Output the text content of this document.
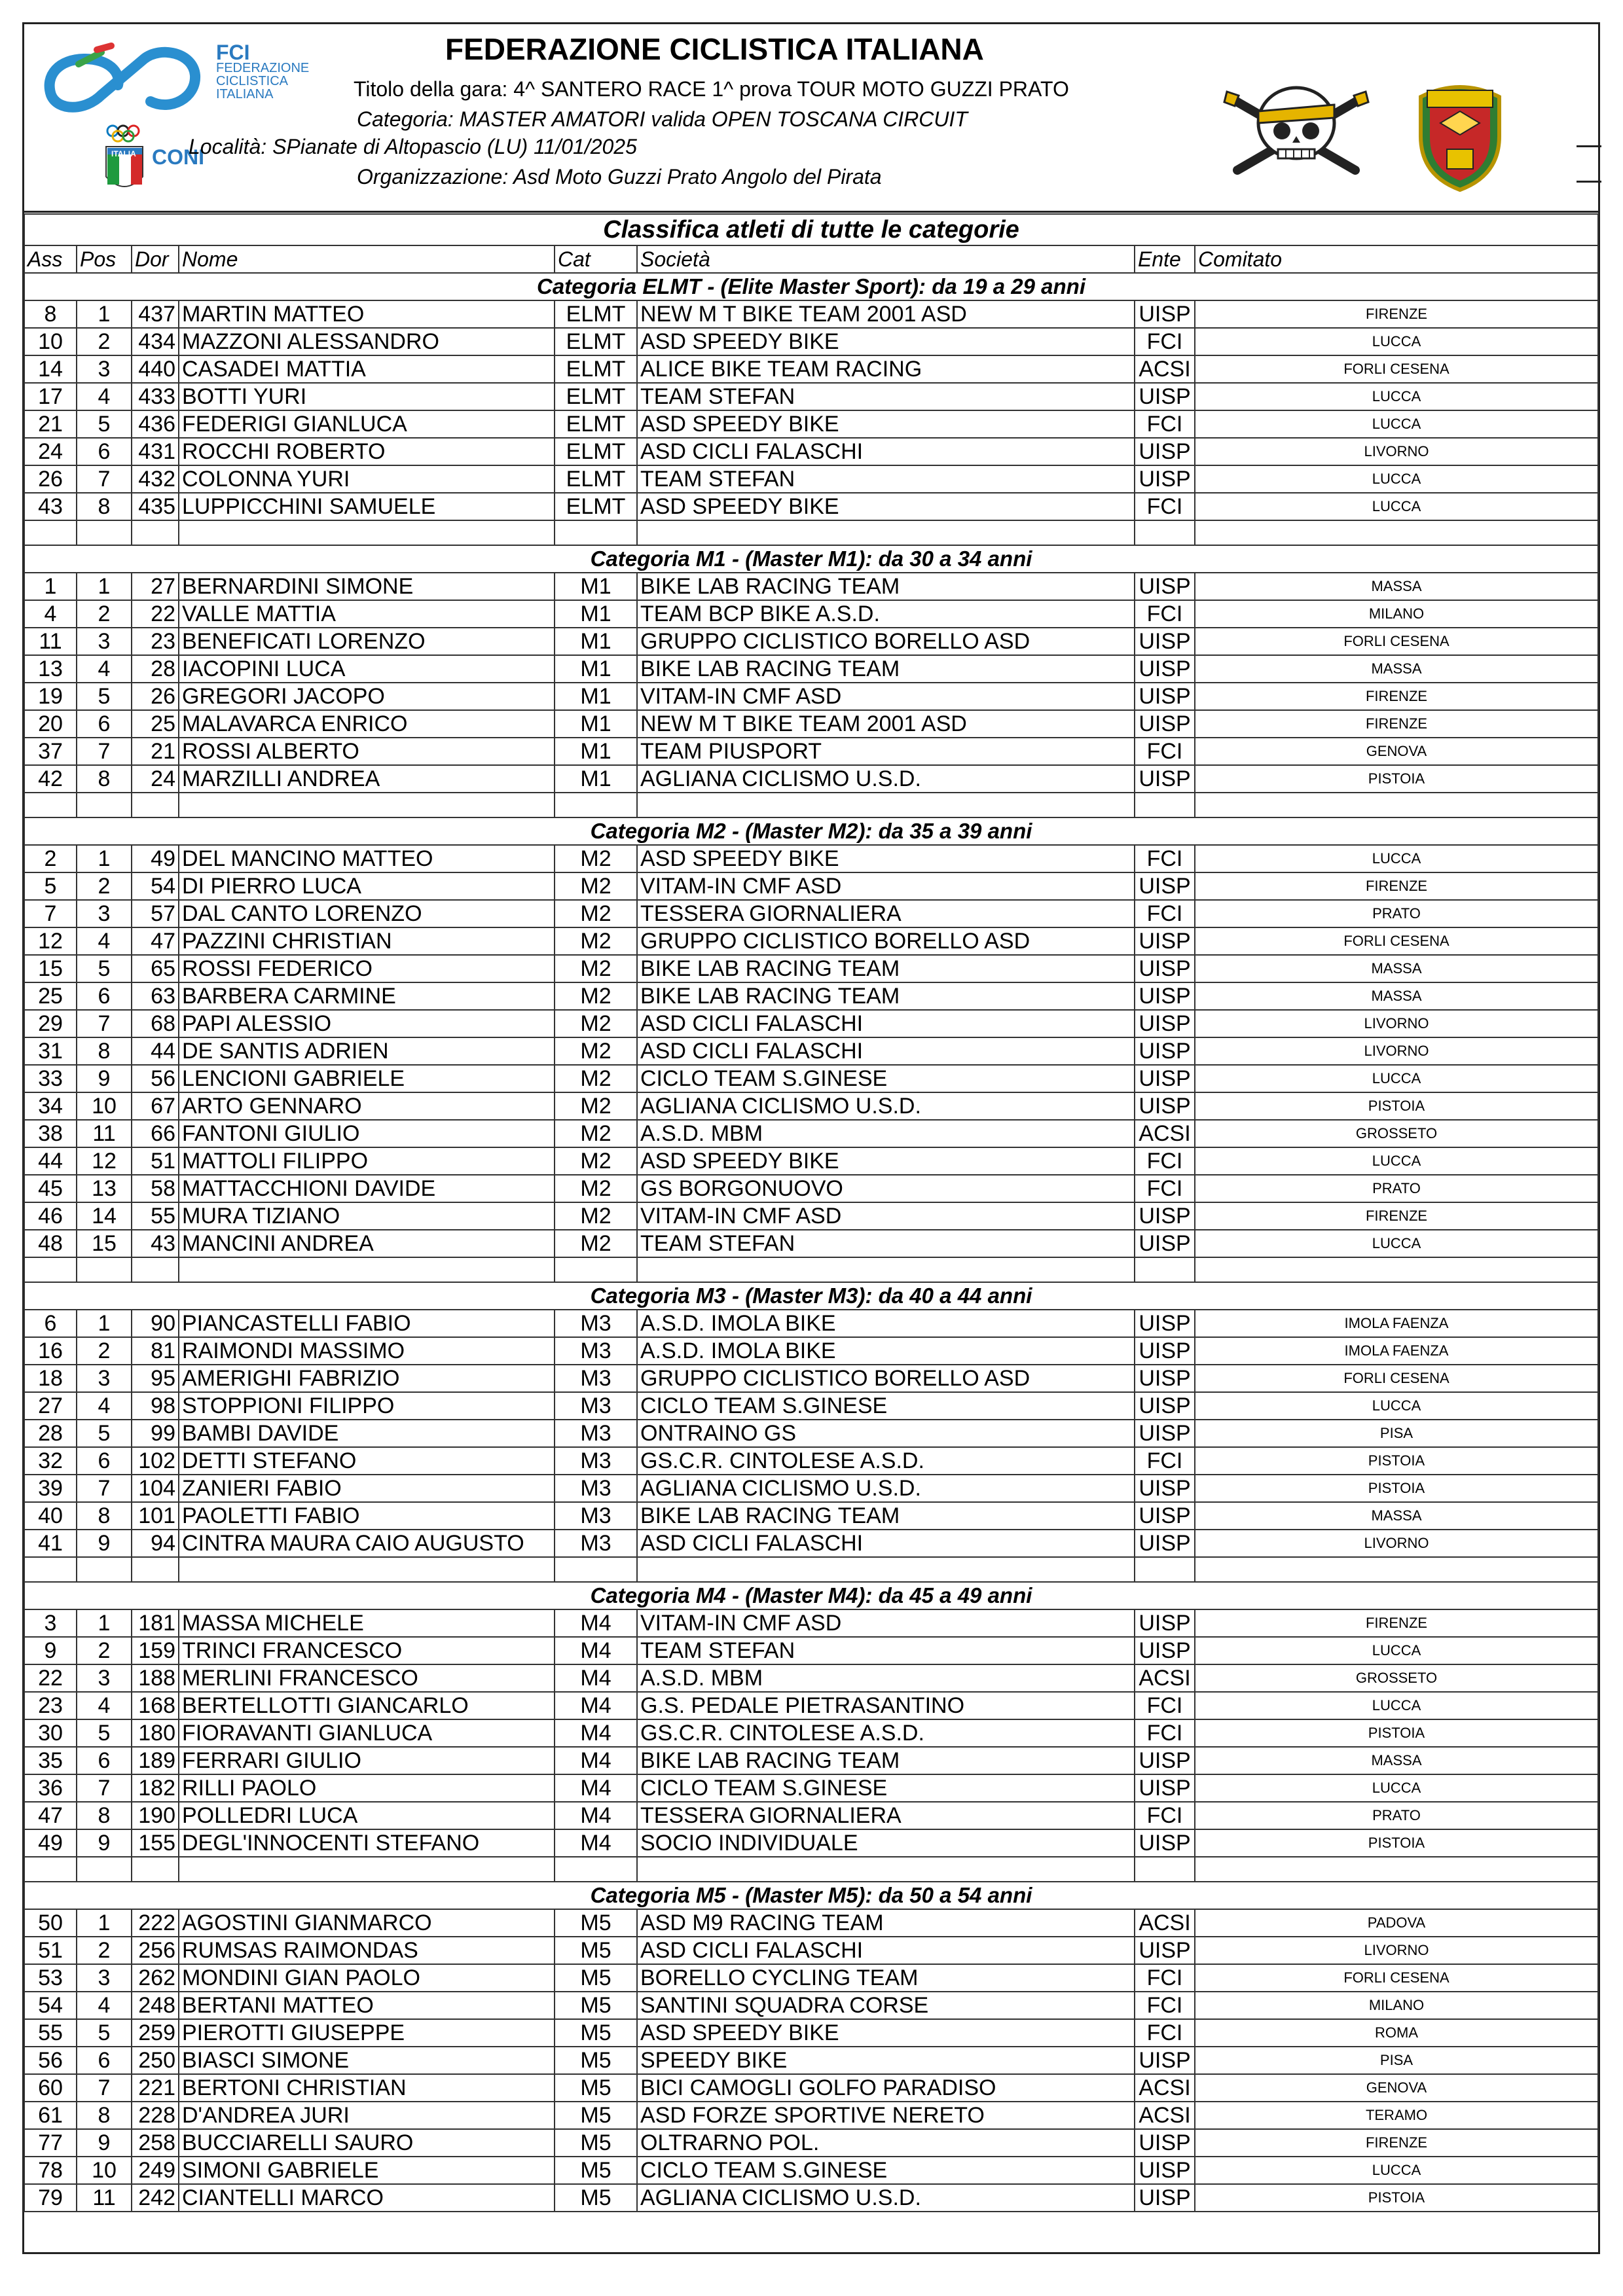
FCI
FEDERAZIONE
CICLISTICA
ITALIANA
ITALIA CONI
FEDERAZIONE CICLISTICA ITALIANA
Titolo della gara: 4^ SANTERO RACE 1^ prova TOUR MOTO GUZZI PRATO
Categoria: MASTER AMATORI valida OPEN TOSCANA CIRCUIT
Località: SPianate di Altopascio (LU) 11/01/2025
Organizzazione: Asd Moto Guzzi Prato Angolo del Pirata
Classifica atleti di tutte le categorie							
Ass	Pos	Dor	Nome	Cat	Società	Ente	Comitato
Categoria ELMT - (Elite Master Sport): da 19 a 29 anni							
8	1	437	MARTIN MATTEO	ELMT	NEW M T BIKE TEAM 2001 ASD	UISP	FIRENZE
10	2	434	MAZZONI ALESSANDRO	ELMT	ASD SPEEDY BIKE	FCI	LUCCA
14	3	440	CASADEI MATTIA	ELMT	ALICE BIKE TEAM RACING	ACSI	FORLI CESENA
17	4	433	BOTTI YURI	ELMT	TEAM STEFAN	UISP	LUCCA
21	5	436	FEDERIGI GIANLUCA	ELMT	ASD SPEEDY BIKE	FCI	LUCCA
24	6	431	ROCCHI ROBERTO	ELMT	ASD CICLI FALASCHI	UISP	LIVORNO
26	7	432	COLONNA YURI	ELMT	TEAM STEFAN	UISP	LUCCA
43	8	435	LUPPICCHINI SAMUELE	ELMT	ASD SPEEDY BIKE	FCI	LUCCA

Categoria M1 - (Master M1): da 30 a 34 anni							
1	1	27	BERNARDINI SIMONE	M1	BIKE LAB RACING TEAM	UISP	MASSA
4	2	22	VALLE MATTIA	M1	TEAM BCP BIKE A.S.D.	FCI	MILANO
11	3	23	BENEFICATI LORENZO	M1	GRUPPO CICLISTICO BORELLO ASD	UISP	FORLI CESENA
13	4	28	IACOPINI LUCA	M1	BIKE LAB RACING TEAM	UISP	MASSA
19	5	26	GREGORI JACOPO	M1	VITAM-IN CMF ASD	UISP	FIRENZE
20	6	25	MALAVARCA ENRICO	M1	NEW M T BIKE TEAM 2001 ASD	UISP	FIRENZE
37	7	21	ROSSI ALBERTO	M1	TEAM PIUSPORT	FCI	GENOVA
42	8	24	MARZILLI ANDREA	M1	AGLIANA CICLISMO U.S.D.	UISP	PISTOIA

Categoria M2 - (Master M2): da 35 a 39 anni							
2	1	49	DEL MANCINO MATTEO	M2	ASD SPEEDY BIKE	FCI	LUCCA
5	2	54	DI PIERRO LUCA	M2	VITAM-IN CMF ASD	UISP	FIRENZE
7	3	57	DAL CANTO LORENZO	M2	TESSERA GIORNALIERA	FCI	PRATO
12	4	47	PAZZINI CHRISTIAN	M2	GRUPPO CICLISTICO BORELLO ASD	UISP	FORLI CESENA
15	5	65	ROSSI FEDERICO	M2	BIKE LAB RACING TEAM	UISP	MASSA
25	6	63	BARBERA CARMINE	M2	BIKE LAB RACING TEAM	UISP	MASSA
29	7	68	PAPI ALESSIO	M2	ASD CICLI FALASCHI	UISP	LIVORNO
31	8	44	DE SANTIS ADRIEN	M2	ASD CICLI FALASCHI	UISP	LIVORNO
33	9	56	LENCIONI GABRIELE	M2	CICLO TEAM S.GINESE	UISP	LUCCA
34	10	67	ARTO GENNARO	M2	AGLIANA CICLISMO U.S.D.	UISP	PISTOIA
38	11	66	FANTONI GIULIO	M2	A.S.D. MBM	ACSI	GROSSETO
44	12	51	MATTOLI FILIPPO	M2	ASD SPEEDY BIKE	FCI	LUCCA
45	13	58	MATTACCHIONI DAVIDE	M2	GS BORGONUOVO	FCI	PRATO
46	14	55	MURA TIZIANO	M2	VITAM-IN CMF ASD	UISP	FIRENZE
48	15	43	MANCINI ANDREA	M2	TEAM STEFAN	UISP	LUCCA

Categoria M3 - (Master M3): da 40 a 44 anni							
6	1	90	PIANCASTELLI FABIO	M3	A.S.D. IMOLA BIKE	UISP	IMOLA FAENZA
16	2	81	RAIMONDI MASSIMO	M3	A.S.D. IMOLA BIKE	UISP	IMOLA FAENZA
18	3	95	AMERIGHI FABRIZIO	M3	GRUPPO CICLISTICO BORELLO ASD	UISP	FORLI CESENA
27	4	98	STOPPIONI FILIPPO	M3	CICLO TEAM S.GINESE	UISP	LUCCA
28	5	99	BAMBI DAVIDE	M3	ONTRAINO GS	UISP	PISA
32	6	102	DETTI STEFANO	M3	GS.C.R. CINTOLESE A.S.D.	FCI	PISTOIA
39	7	104	ZANIERI FABIO	M3	AGLIANA CICLISMO U.S.D.	UISP	PISTOIA
40	8	101	PAOLETTI FABIO	M3	BIKE LAB RACING TEAM	UISP	MASSA
41	9	94	CINTRA MAURA CAIO AUGUSTO	M3	ASD CICLI FALASCHI	UISP	LIVORNO

Categoria M4 - (Master M4): da 45 a 49 anni							
3	1	181	MASSA MICHELE	M4	VITAM-IN CMF ASD	UISP	FIRENZE
9	2	159	TRINCI FRANCESCO	M4	TEAM STEFAN	UISP	LUCCA
22	3	188	MERLINI FRANCESCO	M4	A.S.D. MBM	ACSI	GROSSETO
23	4	168	BERTELLOTTI GIANCARLO	M4	G.S. PEDALE PIETRASANTINO	FCI	LUCCA
30	5	180	FIORAVANTI GIANLUCA	M4	GS.C.R. CINTOLESE A.S.D.	FCI	PISTOIA
35	6	189	FERRARI GIULIO	M4	BIKE LAB RACING TEAM	UISP	MASSA
36	7	182	RILLI PAOLO	M4	CICLO TEAM S.GINESE	UISP	LUCCA
47	8	190	POLLEDRI LUCA	M4	TESSERA GIORNALIERA	FCI	PRATO
49	9	155	DEGL'INNOCENTI STEFANO	M4	SOCIO INDIVIDUALE	UISP	PISTOIA

Categoria M5 - (Master M5): da 50 a 54 anni							
50	1	222	AGOSTINI GIANMARCO	M5	ASD M9 RACING TEAM	ACSI	PADOVA
51	2	256	RUMSAS RAIMONDAS	M5	ASD CICLI FALASCHI	UISP	LIVORNO
53	3	262	MONDINI GIAN PAOLO	M5	BORELLO CYCLING TEAM	FCI	FORLI CESENA
54	4	248	BERTANI MATTEO	M5	SANTINI SQUADRA CORSE	FCI	MILANO
55	5	259	PIEROTTI GIUSEPPE	M5	ASD SPEEDY BIKE	FCI	ROMA
56	6	250	BIASCI SIMONE	M5	SPEEDY BIKE	UISP	PISA
60	7	221	BERTONI CHRISTIAN	M5	BICI CAMOGLI GOLFO PARADISO	ACSI	GENOVA
61	8	228	D'ANDREA JURI	M5	ASD FORZE SPORTIVE NERETO	ACSI	TERAMO
77	9	258	BUCCIARELLI SAURO	M5	OLTRARNO POL.	UISP	FIRENZE
78	10	249	SIMONI GABRIELE	M5	CICLO TEAM S.GINESE	UISP	LUCCA
79	11	242	CIANTELLI MARCO	M5	AGLIANA CICLISMO U.S.D.	UISP	PISTOIA
